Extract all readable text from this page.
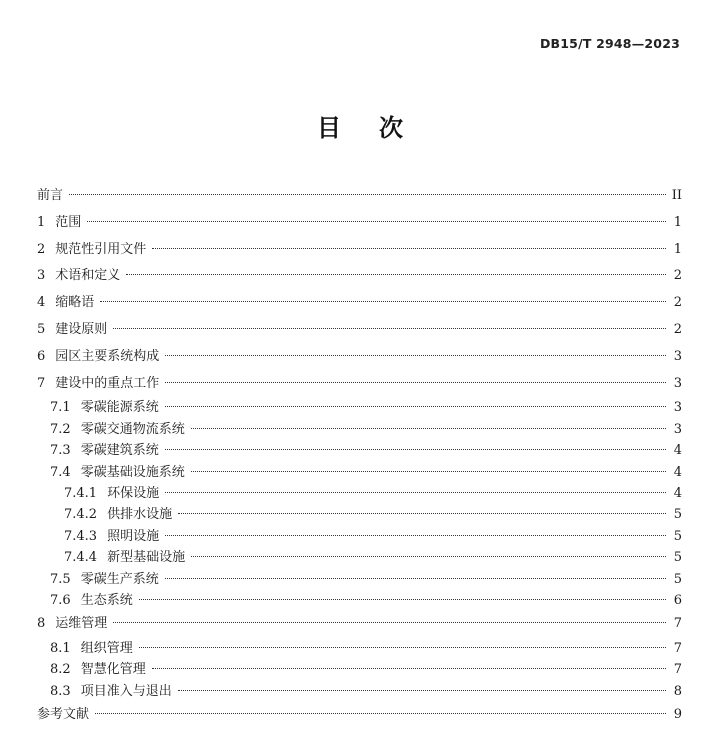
DB15/T 2948—2023
目次
前言	II
1 范围	1
2 规范性引用文件	1
3 术语和定义	2
4 缩略语	2
5 建设原则	2
6 园区主要系统构成	3
7 建设中的重点工作	3
7.1 零碳能源系统	3
7.2 零碳交通物流系统	3
7.3 零碳建筑系统	4
7.4 零碳基础设施系统	4
7.4.1 环保设施	4
7.4.2 供排水设施	5
7.4.3 照明设施	5
7.4.4 新型基础设施	5
7.5 零碳生产系统	5
7.6 生态系统	6
8 运维管理	7
8.1 组织管理	7
8.2 智慧化管理	7
8.3 项目准入与退出	8
参考文献	9
